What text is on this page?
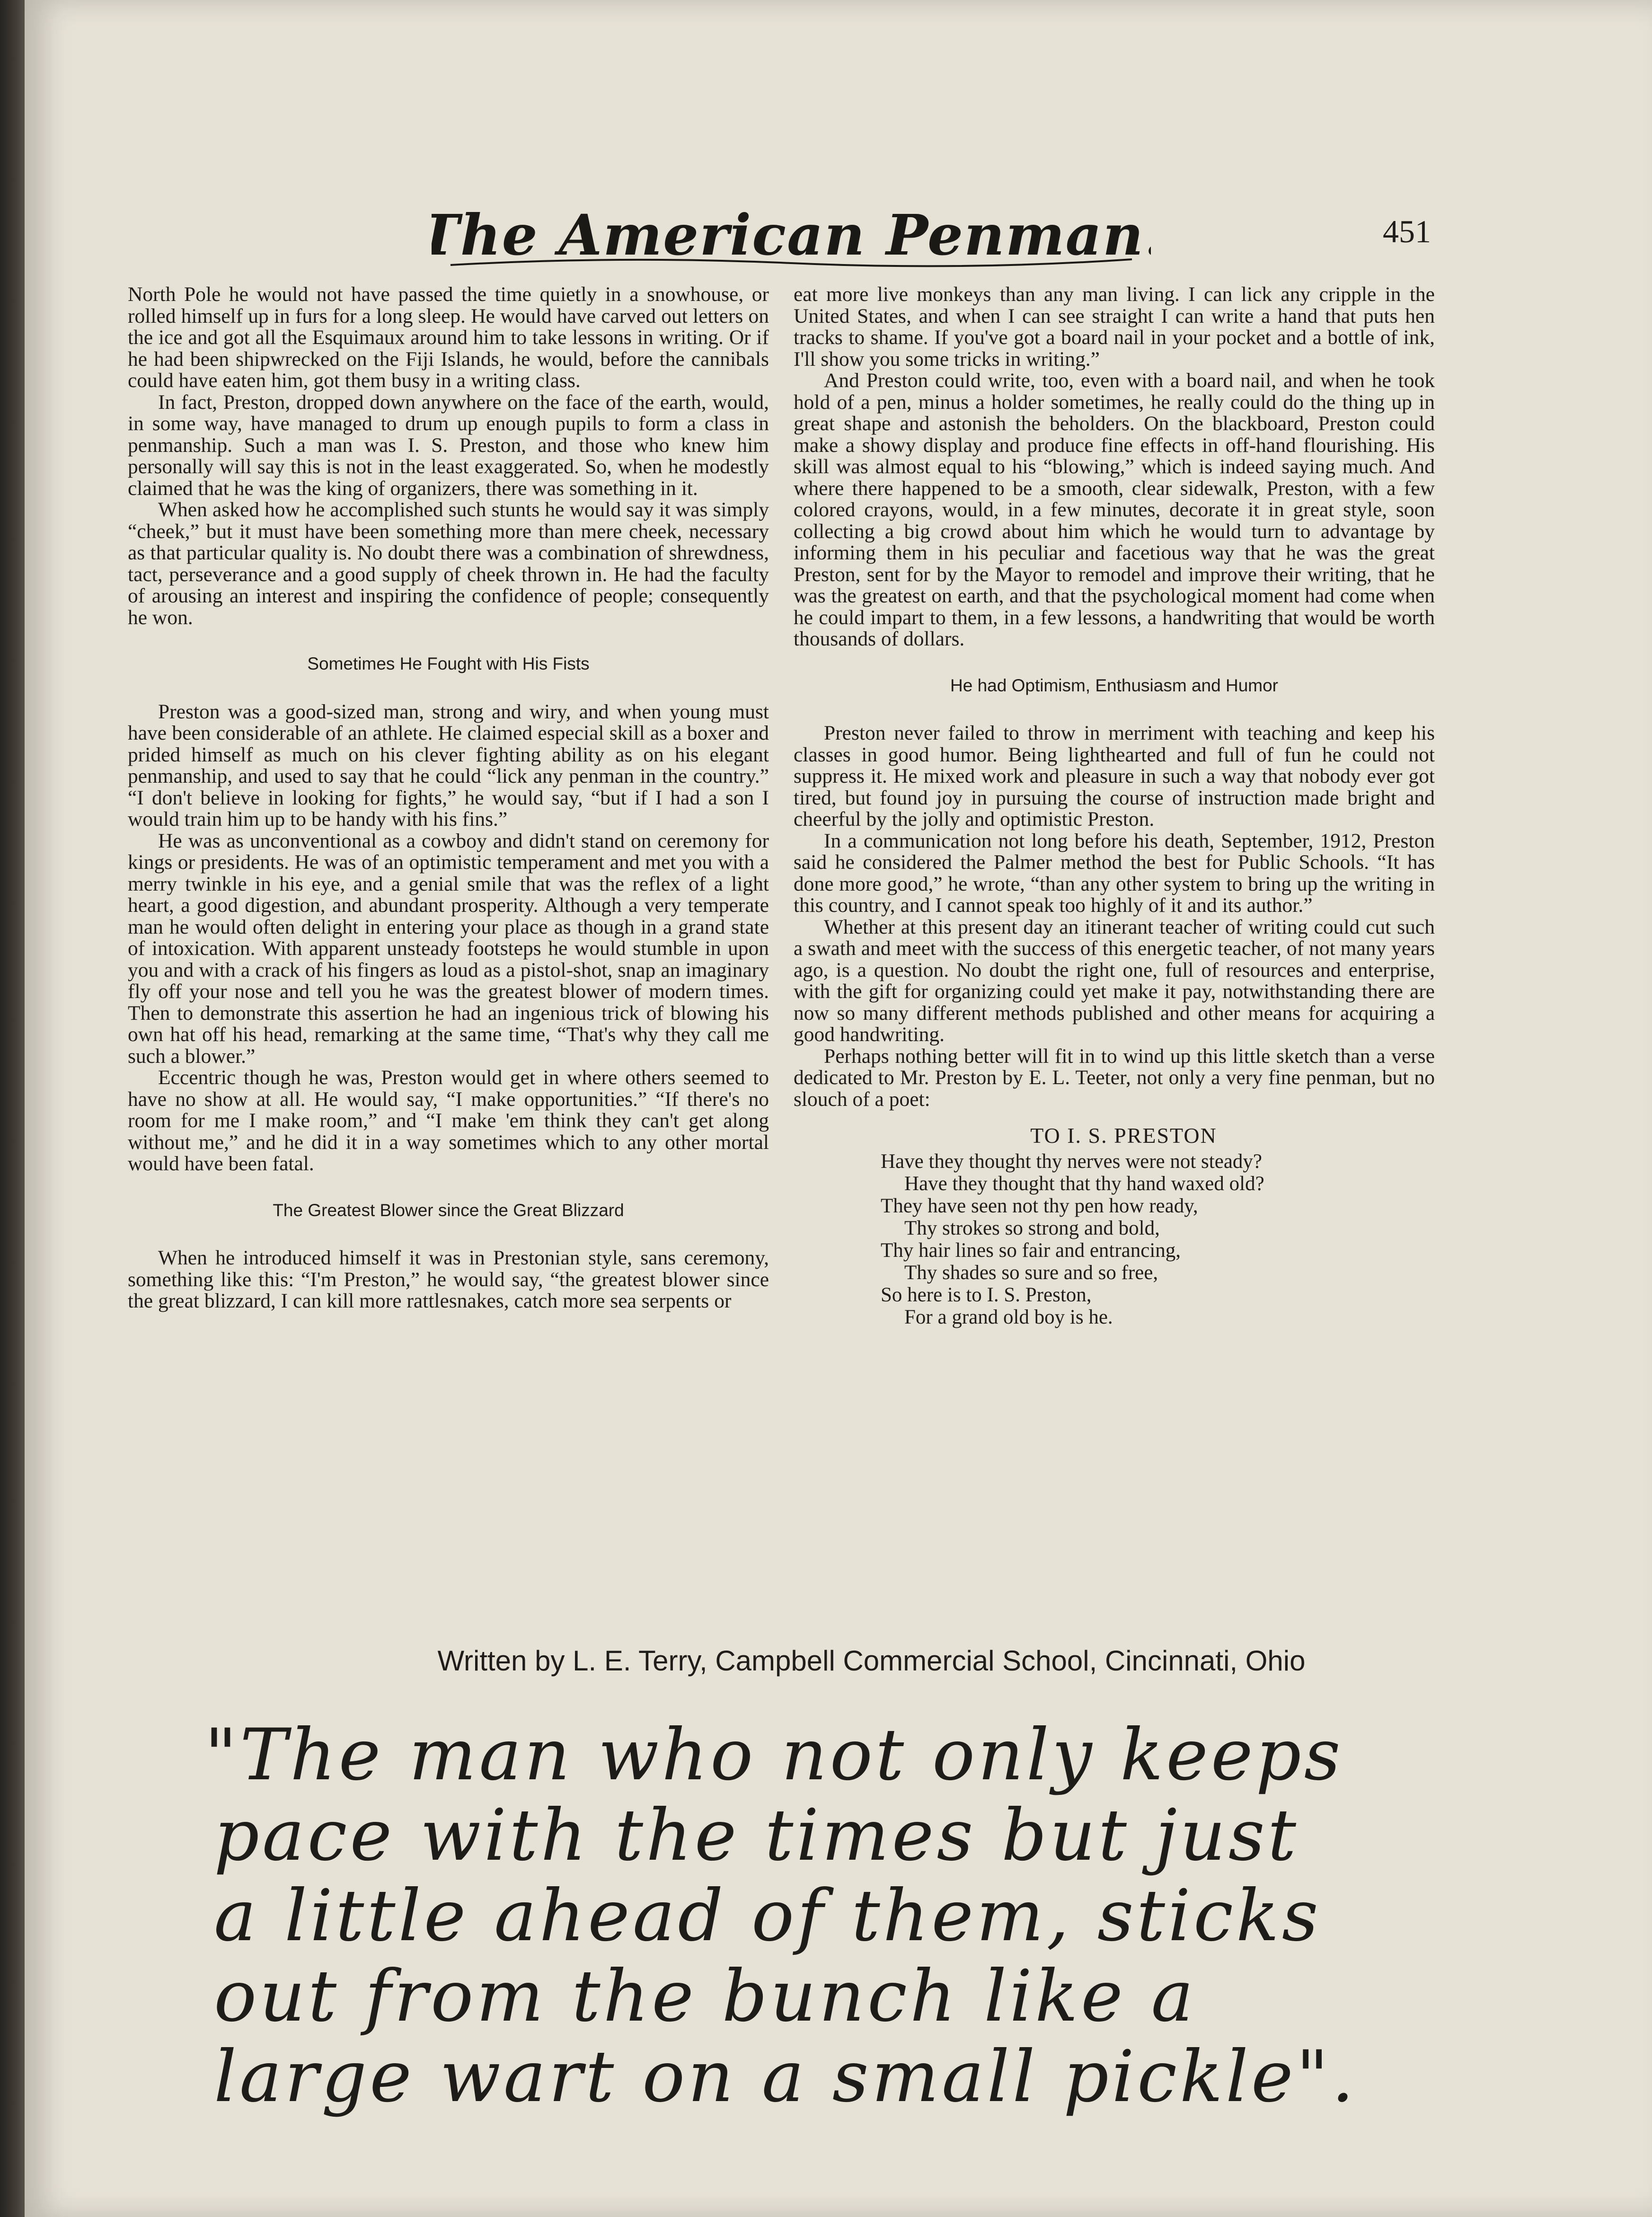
The American Penman.	451

North Pole he would not have passed the time quietly in a snowhouse, or rolled himself up in furs for a long sleep. He would have carved out letters on the ice and got all the Esquimaux around him to take lessons in writing. Or if he had been shipwrecked on the Fiji Islands, he would, before the cannibals could have eaten him, got them busy in a writing class.

In fact, Preston, dropped down anywhere on the face of the earth, would, in some way, have managed to drum up enough pupils to form a class in penmanship. Such a man was I. S. Preston, and those who knew him personally will say this is not in the least exaggerated. So, when he modestly claimed that he was the king of organizers, there was something in it.

When asked how he accomplished such stunts he would say it was simply “cheek,” but it must have been something more than mere cheek, necessary as that particular quality is. No doubt there was a combination of shrewdness, tact, perseverance and a good supply of cheek thrown in. He had the faculty of arousing an interest and inspiring the confidence of people; consequently he won.

Sometimes He Fought with His Fists

Preston was a good-sized man, strong and wiry, and when young must have been considerable of an athlete. He claimed especial skill as a boxer and prided himself as much on his clever fighting ability as on his elegant penmanship, and used to say that he could “lick any penman in the country.” “I don't believe in looking for fights,” he would say, “but if I had a son I would train him up to be handy with his fins.”

He was as unconventional as a cowboy and didn't stand on ceremony for kings or presidents. He was of an optimistic temperament and met you with a merry twinkle in his eye, and a genial smile that was the reflex of a light heart, a good digestion, and abundant prosperity. Although a very temperate man he would often delight in entering your place as though in a grand state of intoxication. With apparent unsteady footsteps he would stumble in upon you and with a crack of his fingers as loud as a pistol-shot, snap an imaginary fly off your nose and tell you he was the greatest blower of modern times. Then to demonstrate this assertion he had an ingenious trick of blowing his own hat off his head, remarking at the same time, “That's why they call me such a blower.”

Eccentric though he was, Preston would get in where others seemed to have no show at all. He would say, “I make opportunities.” “If there's no room for me I make room,” and “I make 'em think they can't get along without me,” and he did it in a way sometimes which to any other mortal would have been fatal.

The Greatest Blower since the Great Blizzard

When he introduced himself it was in Prestonian style, sans ceremony, something like this: “I'm Preston,” he would say, “the greatest blower since the great blizzard, I can kill more rattlesnakes, catch more sea serpents or

eat more live monkeys than any man living. I can lick any cripple in the United States, and when I can see straight I can write a hand that puts hen tracks to shame. If you've got a board nail in your pocket and a bottle of ink, I'll show you some tricks in writing.”

And Preston could write, too, even with a board nail, and when he took hold of a pen, minus a holder sometimes, he really could do the thing up in great shape and astonish the beholders. On the blackboard, Preston could make a showy display and produce fine effects in off-hand flourishing. His skill was almost equal to his “blowing,” which is indeed saying much. And where there happened to be a smooth, clear sidewalk, Preston, with a few colored crayons, would, in a few minutes, decorate it in great style, soon collecting a big crowd about him which he would turn to advantage by informing them in his peculiar and facetious way that he was the great Preston, sent for by the Mayor to remodel and improve their writing, that he was the greatest on earth, and that the psychological moment had come when he could impart to them, in a few lessons, a handwriting that would be worth thousands of dollars.

He had Optimism, Enthusiasm and Humor

Preston never failed to throw in merriment with teaching and keep his classes in good humor. Being lighthearted and full of fun he could not suppress it. He mixed work and pleasure in such a way that nobody ever got tired, but found joy in pursuing the course of instruction made bright and cheerful by the jolly and optimistic Preston.

In a communication not long before his death, September, 1912, Preston said he considered the Palmer method the best for Public Schools. “It has done more good,” he wrote, “than any other system to bring up the writing in this country, and I cannot speak too highly of it and its author.”

Whether at this present day an itinerant teacher of writing could cut such a swath and meet with the success of this energetic teacher, of not many years ago, is a question. No doubt the right one, full of resources and enterprise, with the gift for organizing could yet make it pay, notwithstanding there are now so many different methods published and other means for acquiring a good handwriting.

Perhaps nothing better will fit in to wind up this little sketch than a verse dedicated to Mr. Preston by E. L. Teeter, not only a very fine penman, but no slouch of a poet:

TO I. S. PRESTON

Have they thought thy nerves were not steady?

Have they thought that thy hand waxed old?

They have seen not thy pen how ready,

Thy strokes so strong and bold,

Thy hair lines so fair and entrancing,

Thy shades so sure and so free,

So here is to I. S. Preston,

For a grand old boy is he.

Written by L. E. Terry, Campbell Commercial School, Cincinnati, Ohio
"The man who not only keeps
pace with the times but just
a little ahead of them, sticks
out from the bunch like a
large wart on a small pickle".
